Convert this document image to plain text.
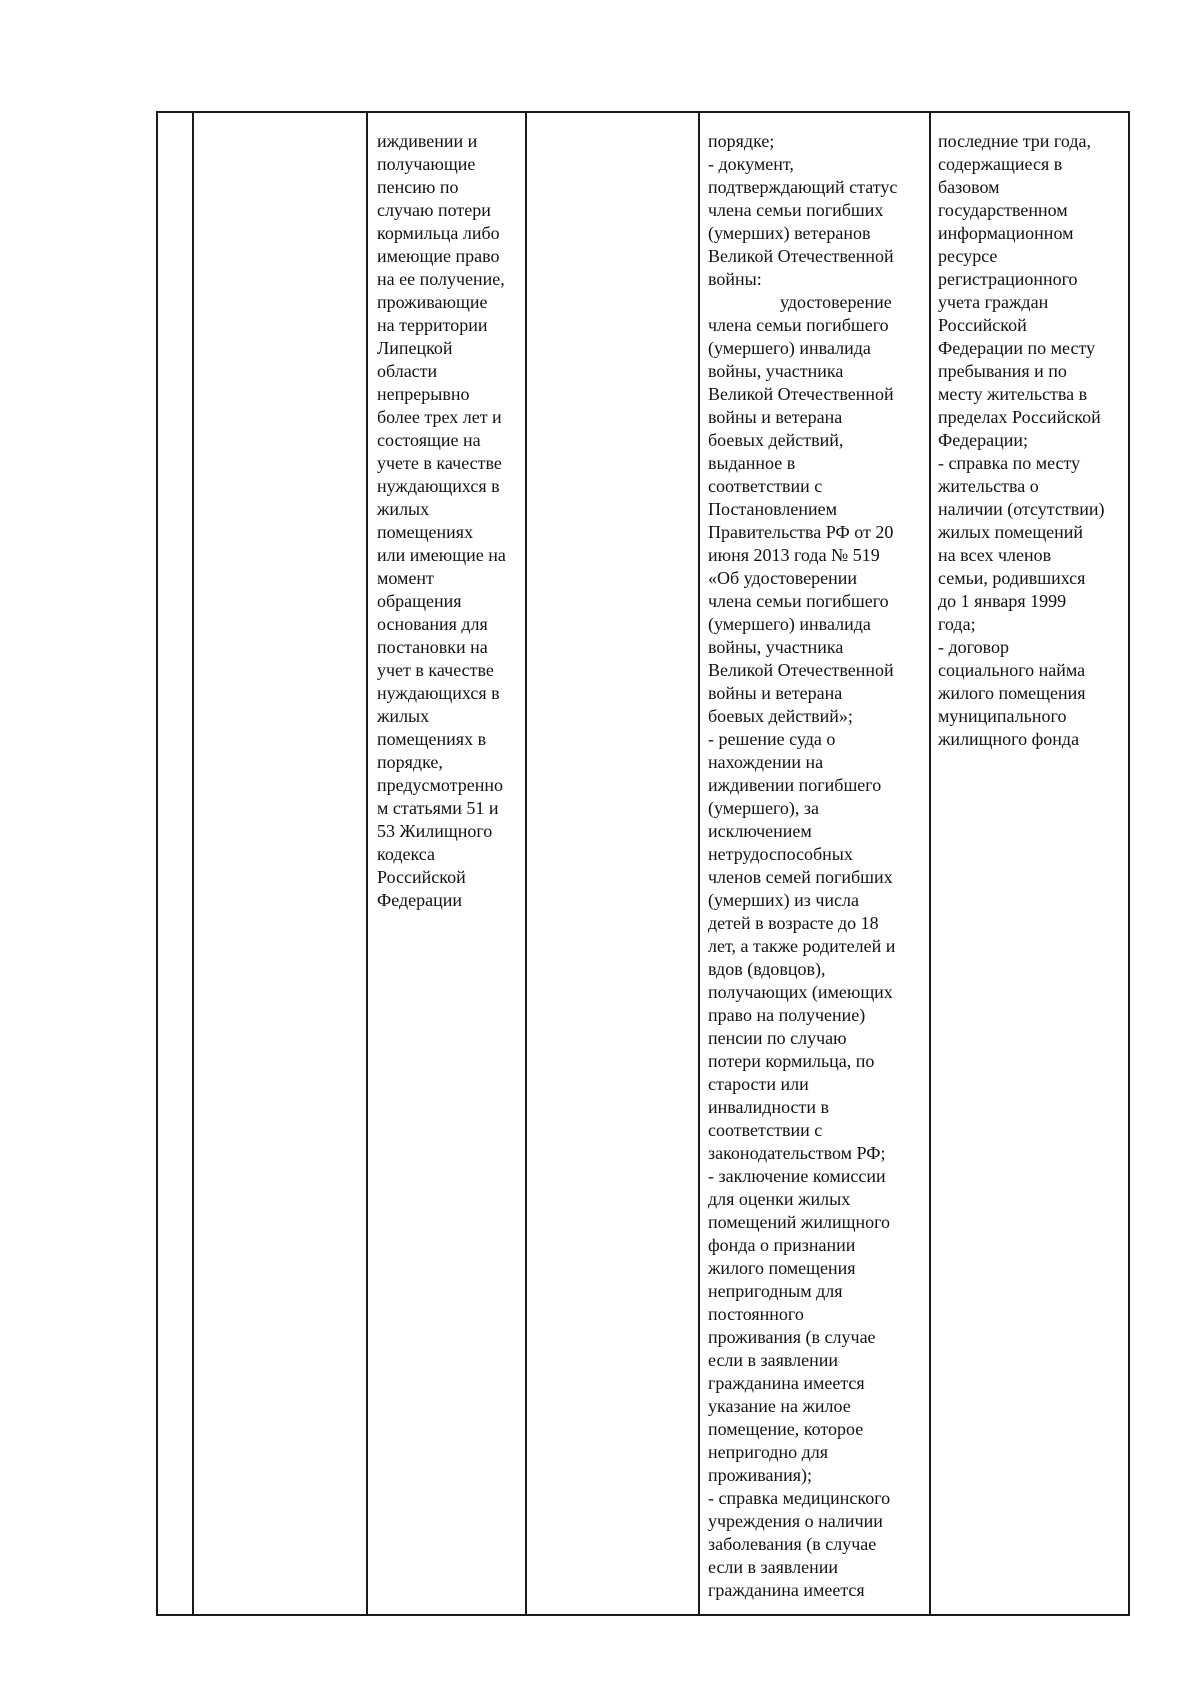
иждивении и
получающие
пенсию по
случаю потери
кормильца либо
имеющие право
на ее получение,
проживающие
на территории
Липецкой
области
непрерывно
более трех лет и
состоящие на
учете в качестве
нуждающихся в
жилых
помещениях
или имеющие на
момент
обращения
основания для
постановки на
учет в качестве
нуждающихся в
жилых
помещениях в
порядке,
предусмотренно
м статьями 51 и
53 Жилищного
кодекса
Российской
Федерации
порядке;
- документ,
подтверждающий статус
члена семьи погибших
(умерших) ветеранов
Великой Отечественной
войны:
удостоверение
члена семьи погибшего
(умершего) инвалида
войны, участника
Великой Отечественной
войны и ветерана
боевых действий,
выданное в
соответствии с
Постановлением
Правительства РФ от 20
июня 2013 года № 519
«Об удостоверении
члена семьи погибшего
(умершего) инвалида
войны, участника
Великой Отечественной
войны и ветерана
боевых действий»;
- решение суда о
нахождении на
иждивении погибшего
(умершего), за
исключением
нетрудоспособных
членов семей погибших
(умерших) из числа
детей в возрасте до 18
лет, а также родителей и
вдов (вдовцов),
получающих (имеющих
право на получение)
пенсии по случаю
потери кормильца, по
старости или
инвалидности в
соответствии с
законодательством РФ;
- заключение комиссии
для оценки жилых
помещений жилищного
фонда о признании
жилого помещения
непригодным для
постоянного
проживания (в случае
если в заявлении
гражданина имеется
указание на жилое
помещение, которое
непригодно для
проживания);
- справка медицинского
учреждения о наличии
заболевания (в случае
если в заявлении
гражданина имеется
последние три года,
содержащиеся в
базовом
государственном
информационном
ресурсе
регистрационного
учета граждан
Российской
Федерации по месту
пребывания и по
месту жительства в
пределах Российской
Федерации;
- справка по месту
жительства о
наличии (отсутствии)
жилых помещений
на всех членов
семьи, родившихся
до 1 января 1999
года;
- договор
социального найма
жилого помещения
муниципального
жилищного фонда
